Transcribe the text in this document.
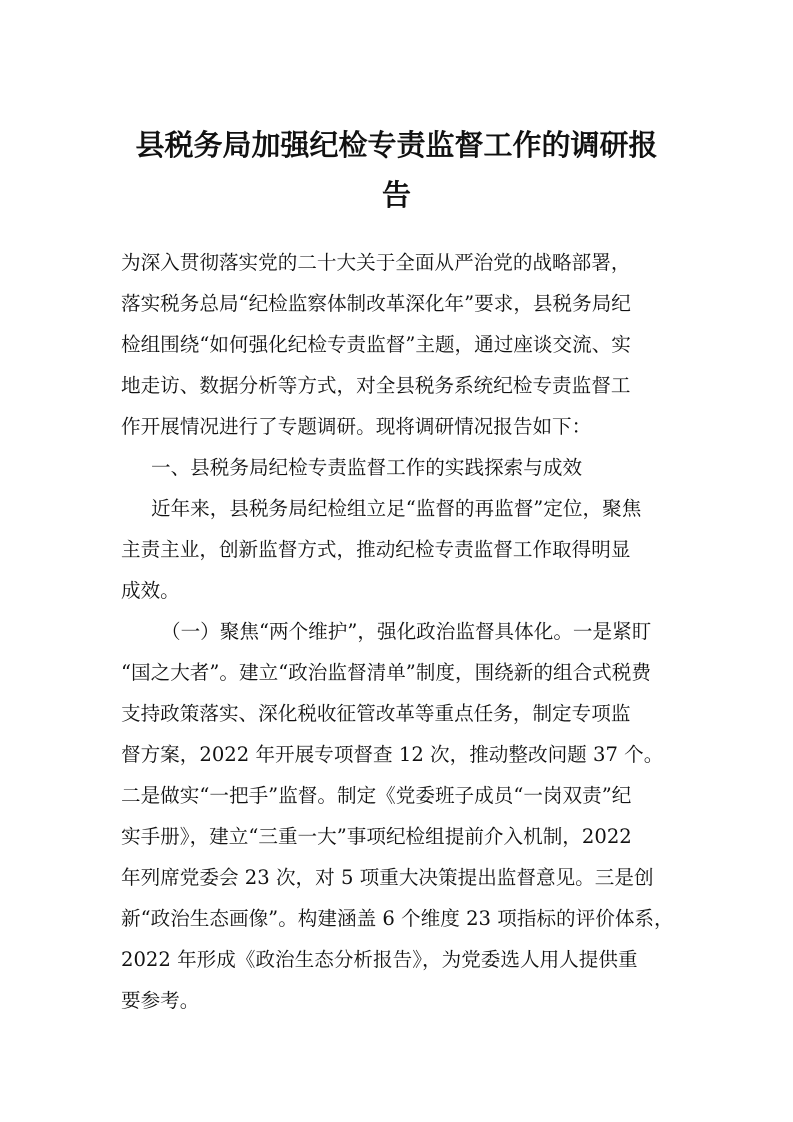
县税务局加强纪检专责监督工作的调研报
告
为深入贯彻落实党的二十大关于全面从严治党的战略部署，
落实税务总局“纪检监察体制改革深化年”要求，县税务局纪
检组围绕“如何强化纪检专责监督”主题，通过座谈交流、实
地走访、数据分析等方式，对全县税务系统纪检专责监督工
作开展情况进行了专题调研。现将调研情况报告如下：
一、县税务局纪检专责监督工作的实践探索与成效
近年来，县税务局纪检组立足“监督的再监督”定位，聚焦
主责主业，创新监督方式，推动纪检专责监督工作取得明显
成效。
（一）聚焦“两个维护”，强化政治监督具体化。一是紧盯
“国之大者”。建立“政治监督清单”制度，围绕新的组合式税费
支持政策落实、深化税收征管改革等重点任务，制定专项监
督方案，2022 年开展专项督查 12 次，推动整改问题 37 个。
二是做实“一把手”监督。制定《党委班子成员“一岗双责”纪
实手册》，建立“三重一大”事项纪检组提前介入机制，2022
年列席党委会 23 次，对 5 项重大决策提出监督意见。三是创
新“政治生态画像”。构建涵盖 6 个维度 23 项指标的评价体系，
2022 年形成《政治生态分析报告》，为党委选人用人提供重
要参考。
